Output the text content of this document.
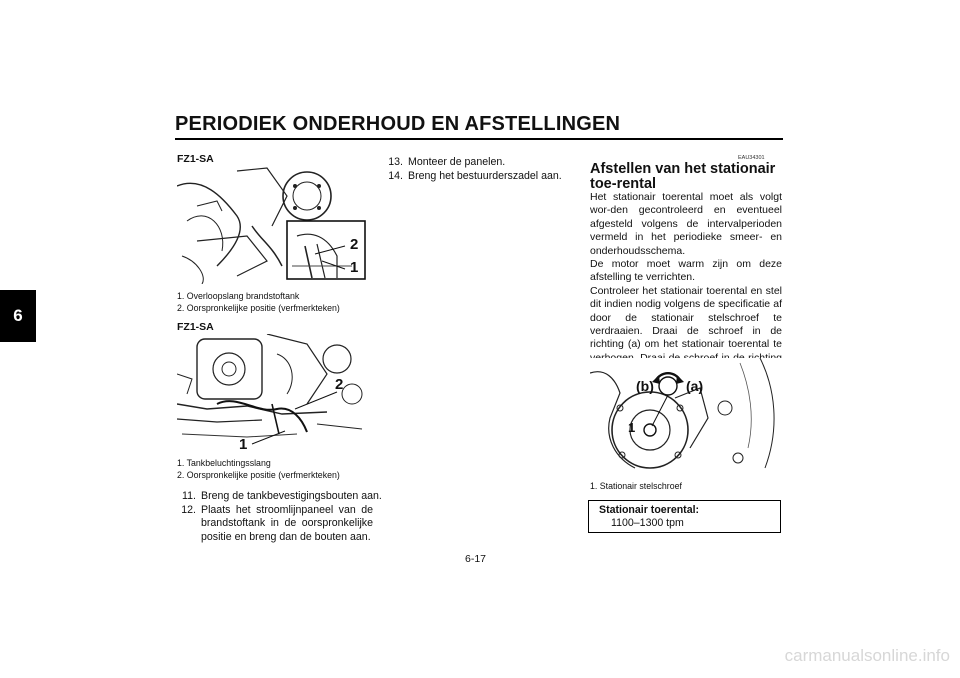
PERIODIEK ONDERHOUD EN AFSTELLINGEN
6
FZ1-SA
2
1
1. Overloopslang brandstoftank
2. Oorspronkelijke positie (verfmerkteken)
FZ1-SA
2
1
1. Tankbeluchtingsslang
2. Oorspronkelijke positie (verfmerkteken)
11. Breng de tankbevestigingsbouten aan.
12. Plaats het stroomlijnpaneel van de brandstoftank in de oorspronkelijke positie en breng dan de bouten aan.
13. Monteer de panelen.
14. Breng het bestuurderszadel aan.
EAU34301
Afstellen van het stationair toe-rental

Het stationair toerental moet als volgt wor-den gecontroleerd en eventueel afgesteld volgens de intervalperioden vermeld in het periodieke smeer- en onderhoudsschema.

De motor moet warm zijn om deze afstelling te verrichten.

Controleer het stationair toerental en stel dit indien nodig volgens de specificatie af door de stationair stelschroef te verdraaien. Draai de schroef in de richting (a) om het stationair toerental te

(b) (a)
1
1. Stationair stelschroef
Stationair toerental:
1100–1300 tpm
6-17
carmanualsonline.info
